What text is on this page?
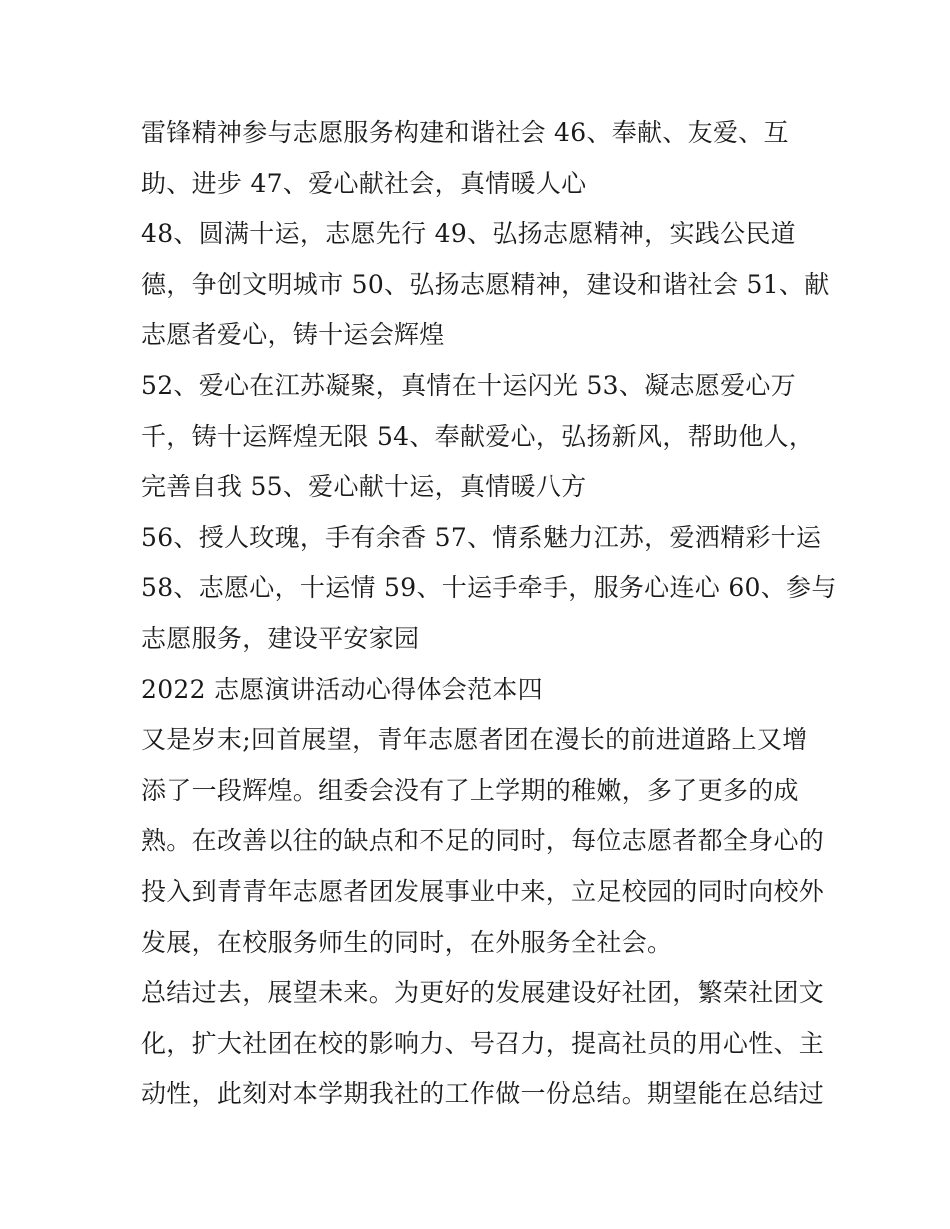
雷锋精神参与志愿服务构建和谐社会 46、奉献、友爱、互

助、进步 47、爱心献社会，真情暖人心

48、圆满十运，志愿先行 49、弘扬志愿精神，实践公民道

德，争创文明城市 50、弘扬志愿精神，建设和谐社会 51、献

志愿者爱心，铸十运会辉煌

52、爱心在江苏凝聚，真情在十运闪光 53、凝志愿爱心万

千，铸十运辉煌无限 54、奉献爱心，弘扬新风，帮助他人，

完善自我 55、爱心献十运，真情暖八方

56、授人玫瑰，手有余香 57、情系魅力江苏，爱洒精彩十运

58、志愿心，十运情 59、十运手牵手，服务心连心 60、参与

志愿服务，建设平安家园

2022 志愿演讲活动心得体会范本四

又是岁末;回首展望，青年志愿者团在漫长的前进道路上又增

添了一段辉煌。组委会没有了上学期的稚嫩，多了更多的成

熟。在改善以往的缺点和不足的同时，每位志愿者都全身心的

投入到青青年志愿者团发展事业中来，立足校园的同时向校外

发展，在校服务师生的同时，在外服务全社会。

总结过去，展望未来。为更好的发展建设好社团，繁荣社团文

化，扩大社团在校的影响力、号召力，提高社员的用心性、主

动性，此刻对本学期我社的工作做一份总结。期望能在总结过
